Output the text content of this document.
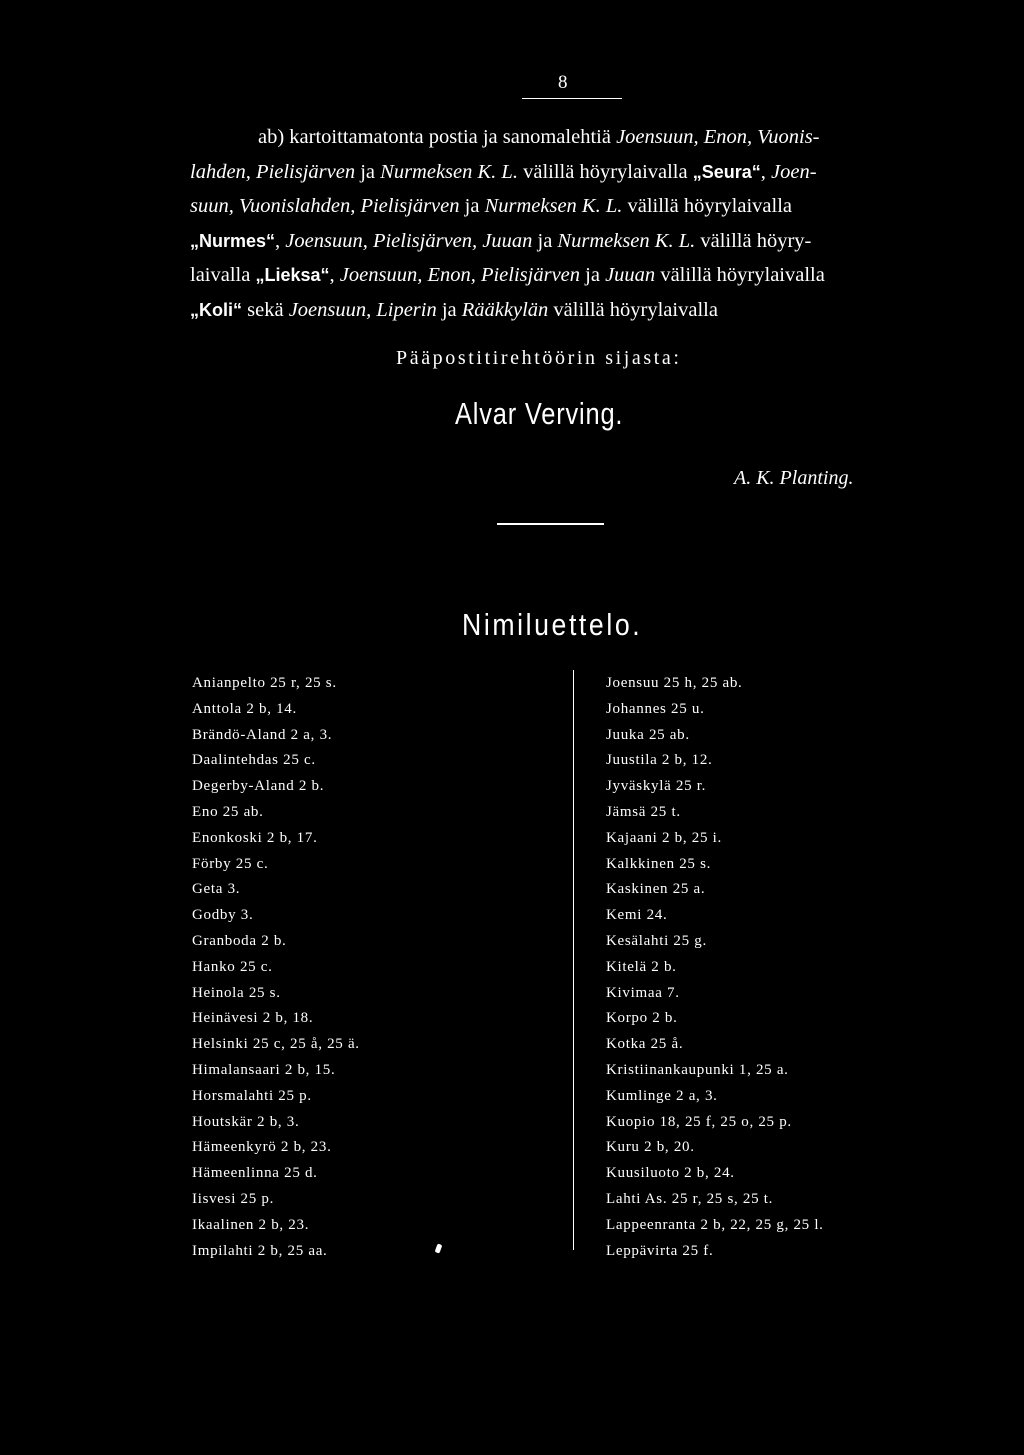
8
ab) kartoittamatonta postia ja sanomalehtiä Joensuun, Enon, Vuonis-
lahden, Pielisjärven ja Nurmeksen K. L. välillä höyrylaivalla „Seura“, Joen-
suun, Vuonislahden, Pielisjärven ja Nurmeksen K. L. välillä höyrylaivalla
„Nurmes“, Joensuun, Pielisjärven, Juuan ja Nurmeksen K. L. välillä höyry-
laivalla „Lieksa“, Joensuun, Enon, Pielisjärven ja Juuan välillä höyrylaivalla
„Koli“ sekä Joensuun, Liperin ja Rääkkylän välillä höyrylaivalla
Pääpostitirehtöörin sijasta:
Alvar Verving.
A. K. Planting.
Nimiluettelo.
Anianpelto 25 r, 25 s.
Anttola 2 b, 14.
Brändö-Aland 2 a, 3.
Daalintehdas 25 c.
Degerby-Aland 2 b.
Eno 25 ab.
Enonkoski 2 b, 17.
Förby 25 c.
Geta 3.
Godby 3.
Granboda 2 b.
Hanko 25 c.
Heinola 25 s.
Heinävesi 2 b, 18.
Helsinki 25 c, 25 å, 25 ä.
Himalansaari 2 b, 15.
Horsmalahti 25 p.
Houtskär 2 b, 3.
Hämeenkyrö 2 b, 23.
Hämeenlinna 25 d.
Iisvesi 25 p.
Ikaalinen 2 b, 23.
Impilahti 2 b, 25 aa.
Joensuu 25 h, 25 ab.
Johannes 25 u.
Juuka 25 ab.
Juustila 2 b, 12.
Jyväskylä 25 r.
Jämsä 25 t.
Kajaani 2 b, 25 i.
Kalkkinen 25 s.
Kaskinen 25 a.
Kemi 24.
Kesälahti 25 g.
Kitelä 2 b.
Kivimaa 7.
Korpo 2 b.
Kotka 25 å.
Kristiinankaupunki 1, 25 a.
Kumlinge 2 a, 3.
Kuopio 18, 25 f, 25 o, 25 p.
Kuru 2 b, 20.
Kuusiluoto 2 b, 24.
Lahti As. 25 r, 25 s, 25 t.
Lappeenranta 2 b, 22, 25 g, 25 l.
Leppävirta 25 f.
